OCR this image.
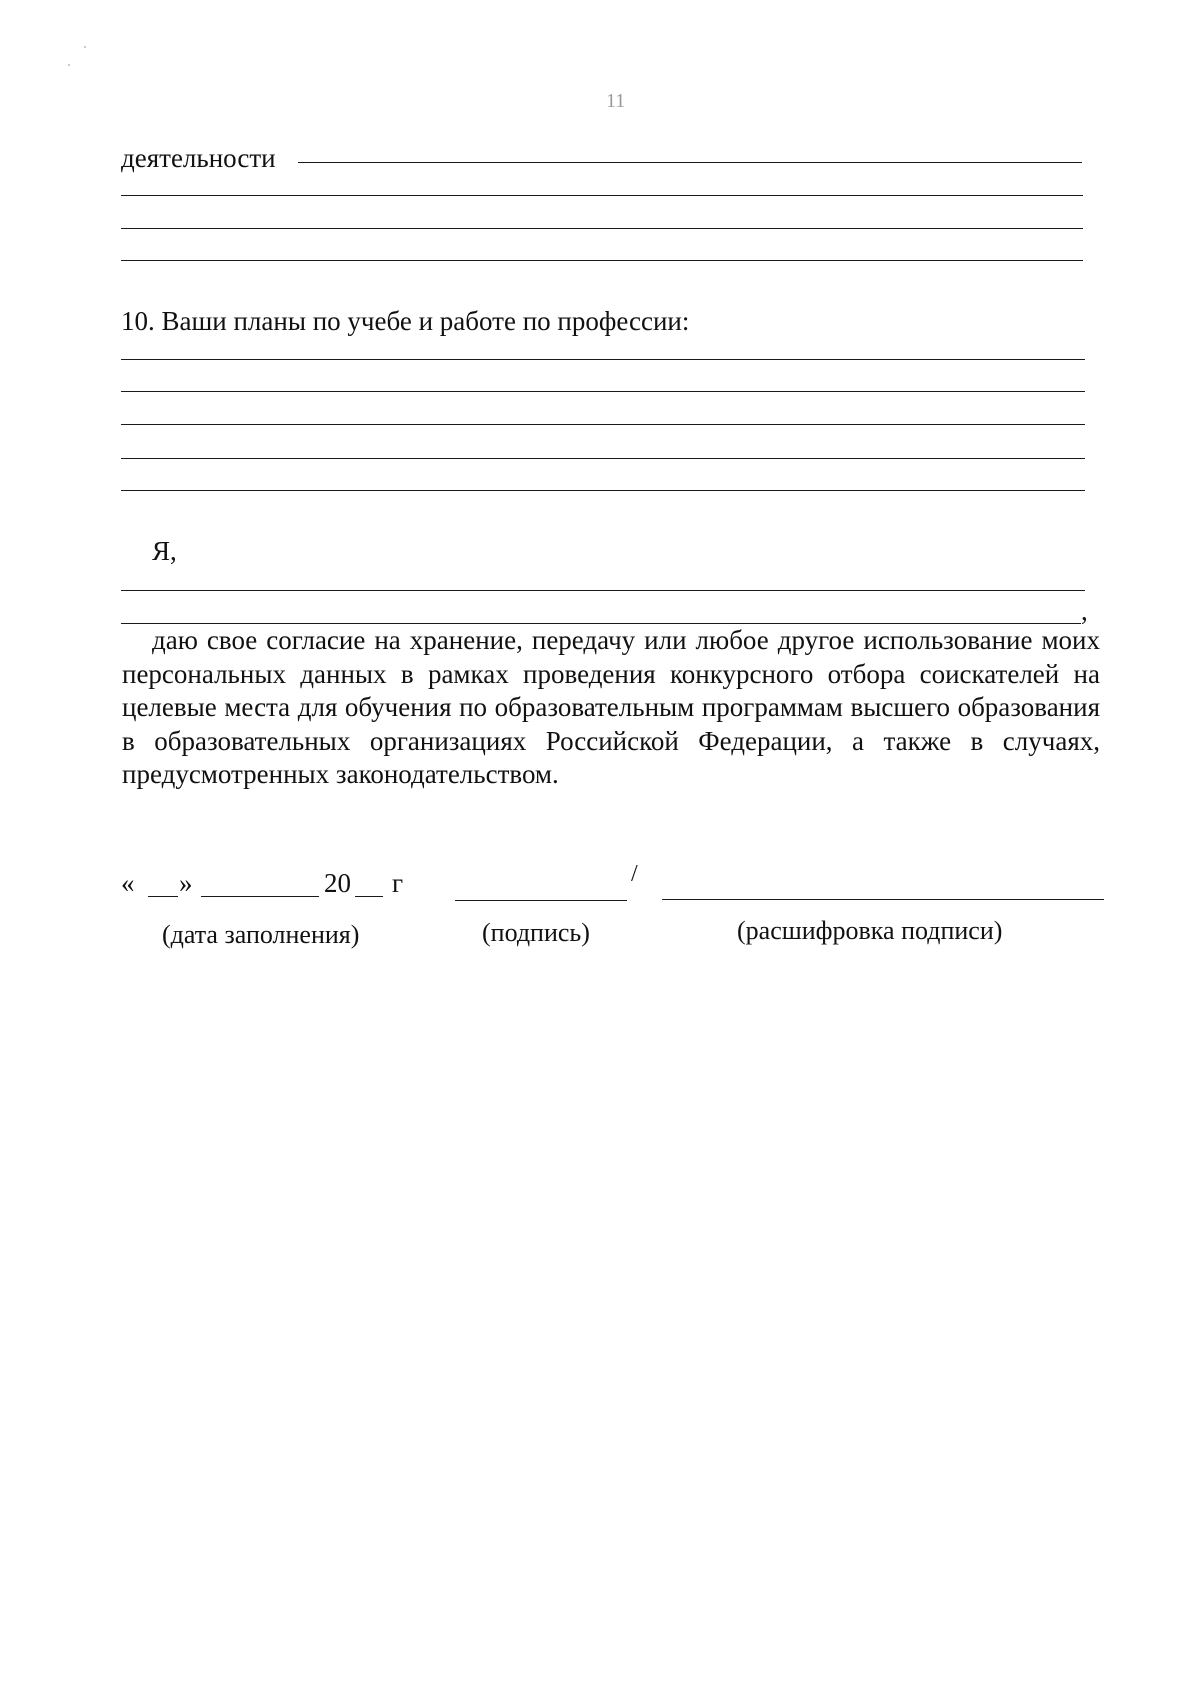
11
деятельности
10. Ваши планы по учебе и работе по профессии:
Я,
,
даю свое согласие на хранение, передачу или любое другое использование моих персональных данных в рамках проведения конкурсного отбора соискателей на целевые места для обучения по образовательным программам высшего образования в образовательных организациях Российской Федерации, а также в случаях, предусмотренных законодательством.
« »	20 г	/
(дата заполнения)	(подпись)	(расшифровка подписи)
